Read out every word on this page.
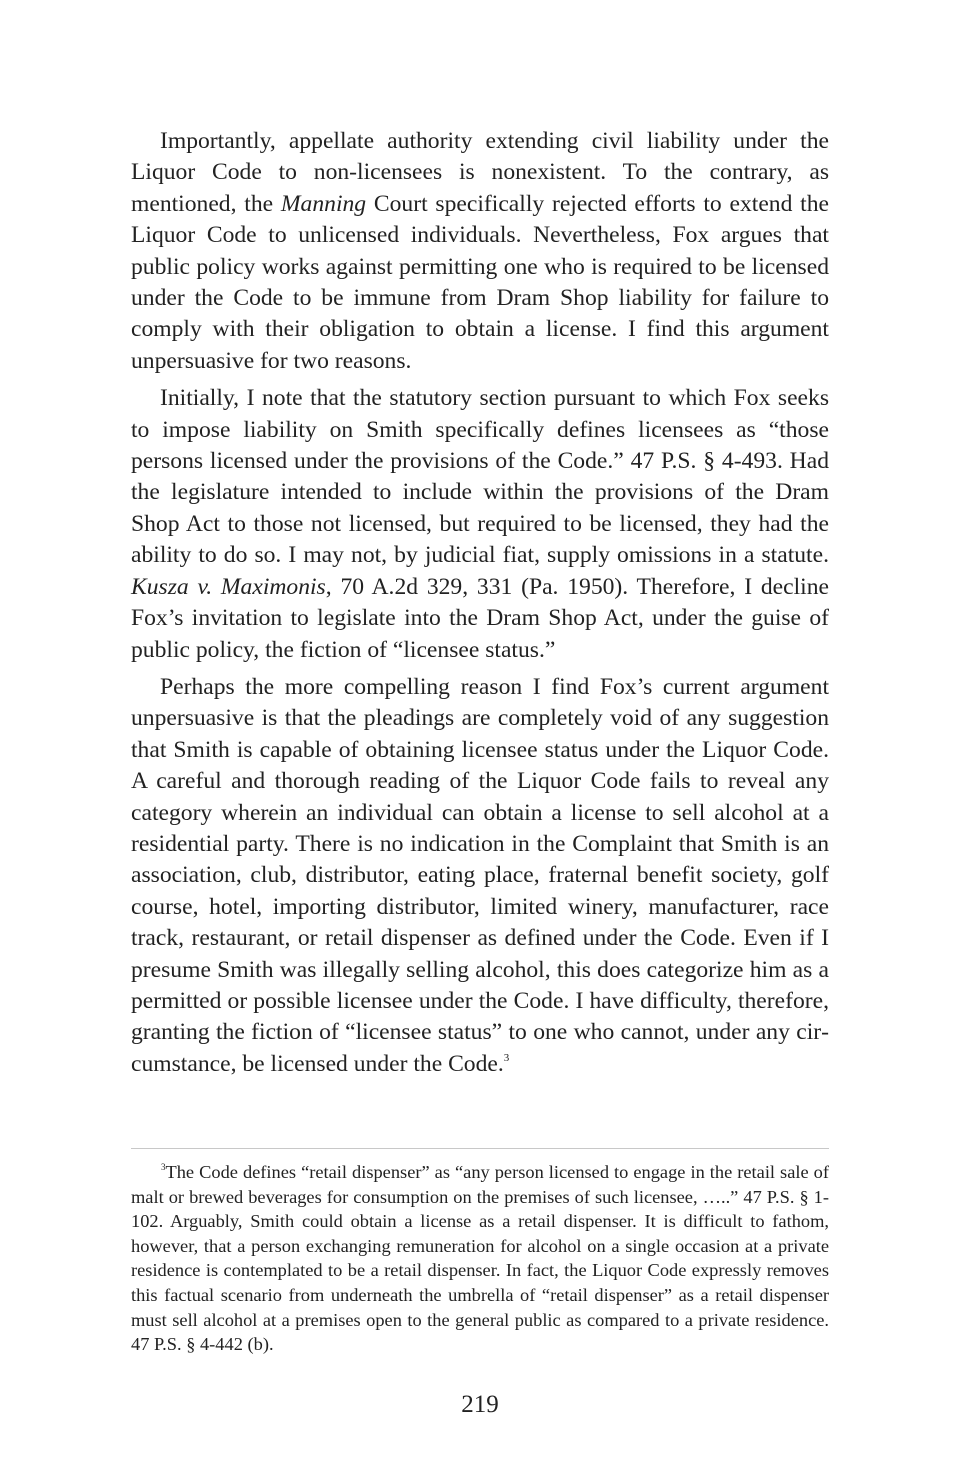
Importantly, appellate authority extending civil liability under the Liquor Code to non-licensees is nonexistent. To the contrary, as mentioned, the Manning Court specifically rejected efforts to extend the Liquor Code to unlicensed individuals. Nevertheless, Fox argues that public policy works against permitting one who is required to be licensed under the Code to be immune from Dram Shop liability for failure to comply with their obligation to obtain a license. I find this argument unpersuasive for two reasons.

Initially, I note that the statutory section pursuant to which Fox seeks to impose liability on Smith specifically defines licensees as “those persons licensed under the provisions of the Code.” 47 P.S. § 4-493. Had the legislature intended to include within the provisions of the Dram Shop Act to those not licensed, but required to be licensed, they had the ability to do so. I may not, by judicial fiat, supply omissions in a statute. Kusza v. Maximonis, 70 A.2d 329, 331 (Pa. 1950). Therefore, I decline Fox’s invitation to legislate into the Dram Shop Act, under the guise of public policy, the fiction of “licensee status.”

Perhaps the more compelling reason I find Fox’s current argument unpersuasive is that the pleadings are completely void of any suggestion that Smith is capable of obtaining licensee status under the Liquor Code. A careful and thorough reading of the Liquor Code fails to reveal any category wherein an individual can obtain a license to sell alcohol at a residential party. There is no indication in the Complaint that Smith is an association, club, distributor, eating place, fraternal benefit society, golf course, hotel, importing distributor, limited winery, manufacturer, race track, restaurant, or retail dispenser as defined under the Code. Even if I presume Smith was illegally selling alcohol, this does categorize him as a permitted or possible licensee under the Code. I have difficulty, therefore, granting the fiction of “licensee status” to one who cannot, under any circumstance, be licensed under the Code.$^3$

$^3$The Code defines “retail dispenser” as “any person licensed to engage in the retail sale of malt or brewed beverages for consumption on the premises of such licensee, …..” 47 P.S. § 1-102. Arguably, Smith could obtain a license as a retail dispenser. It is difficult to fathom, however, that a person exchanging remuneration for alcohol on a single occasion at a private residence is contemplated to be a retail dispenser. In fact, the Liquor Code expressly removes this factual scenario from underneath the umbrella of “retail dispenser” as a retail dispenser must sell alcohol at a premises open to the general public as compared to a private residence. 47 P.S. § 4-442 (b).

219
